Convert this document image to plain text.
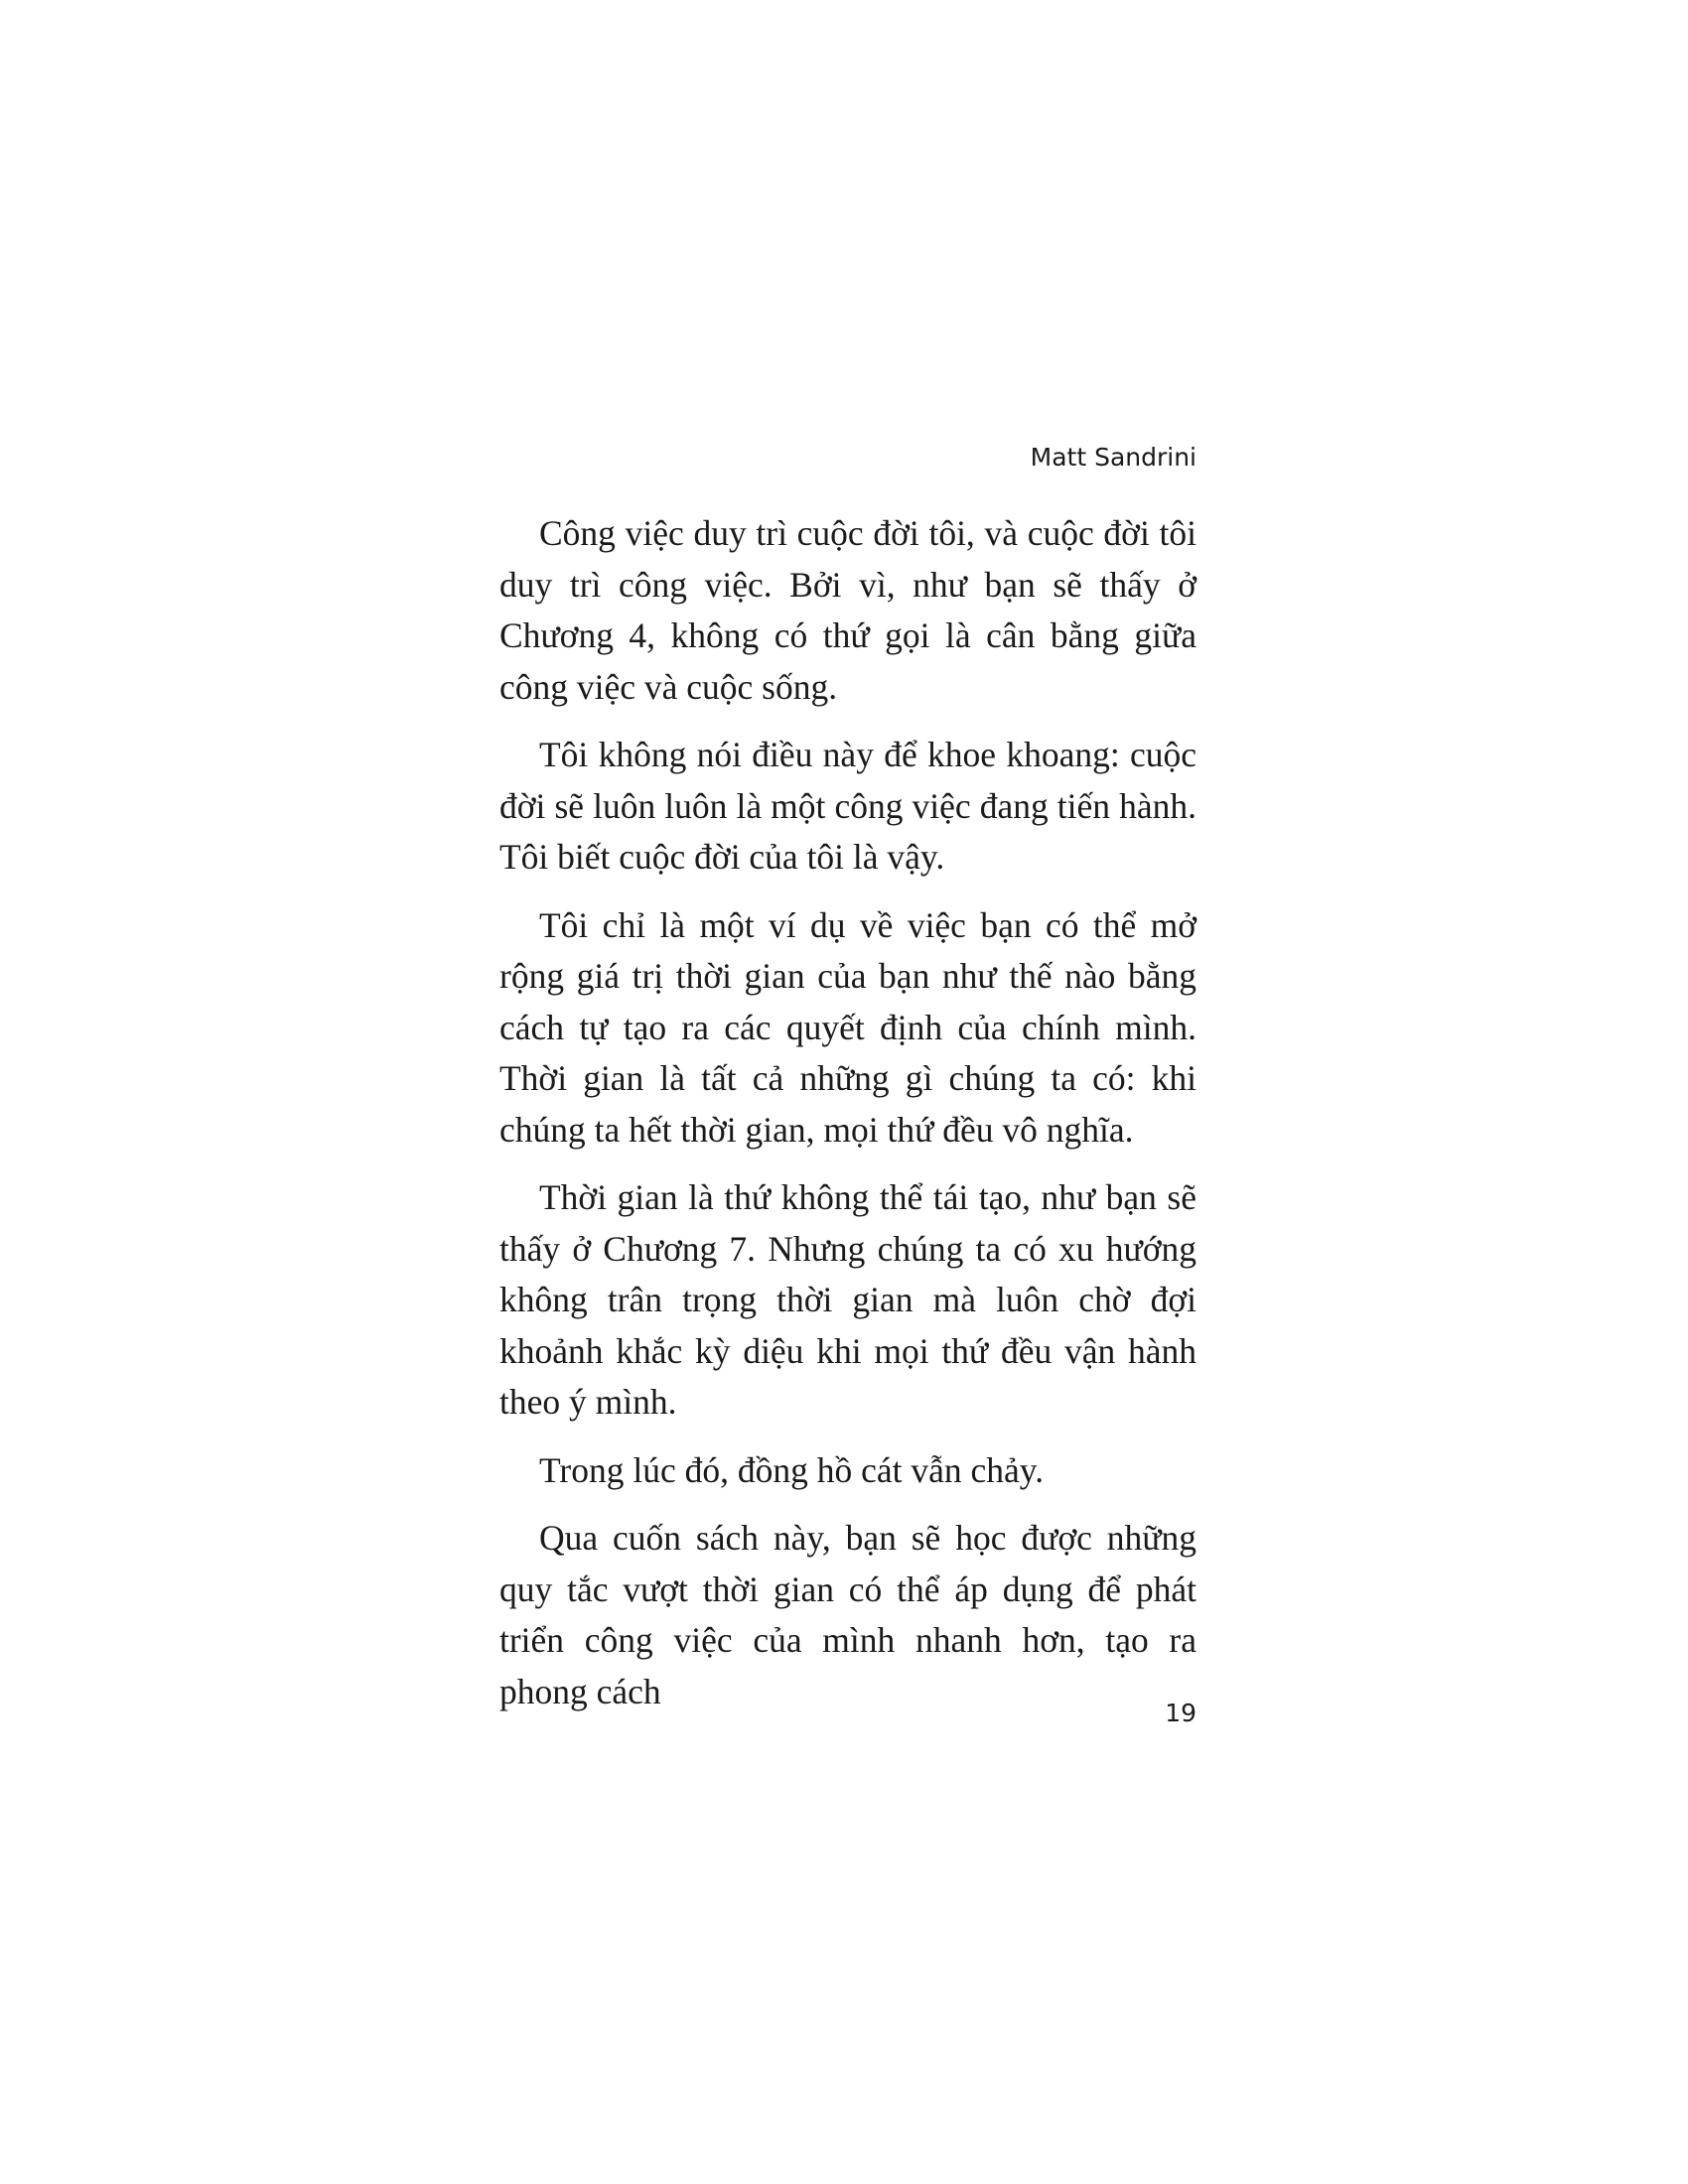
Matt Sandrini

Công việc duy trì cuộc đời tôi, và cuộc đời tôi duy trì công việc. Bởi vì, như bạn sẽ thấy ở Chương 4, không có thứ gọi là cân bằng giữa công việc và cuộc sống.

Tôi không nói điều này để khoe khoang: cuộc đời sẽ luôn luôn là một công việc đang tiến hành. Tôi biết cuộc đời của tôi là vậy.

Tôi chỉ là một ví dụ về việc bạn có thể mở rộng giá trị thời gian của bạn như thế nào bằng cách tự tạo ra các quyết định của chính mình. Thời gian là tất cả những gì chúng ta có: khi chúng ta hết thời gian, mọi thứ đều vô nghĩa.

Thời gian là thứ không thể tái tạo, như bạn sẽ thấy ở Chương 7. Nhưng chúng ta có xu hướng không trân trọng thời gian mà luôn chờ đợi khoảnh khắc kỳ diệu khi mọi thứ đều vận hành theo ý mình.

Trong lúc đó, đồng hồ cát vẫn chảy.

Qua cuốn sách này, bạn sẽ học được những quy tắc vượt thời gian có thể áp dụng để phát triển công việc của mình nhanh hơn, tạo ra phong cách

19
